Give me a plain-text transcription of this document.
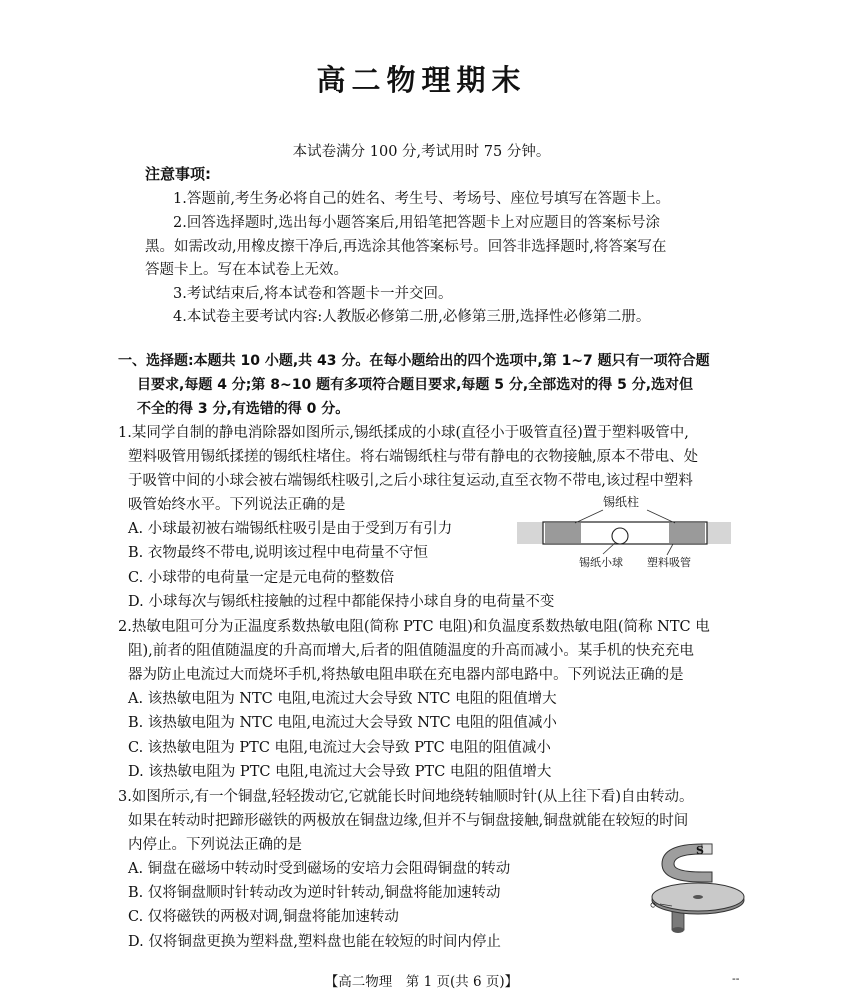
高二物理期末
本试卷满分 100 分,考试用时 75 分钟。
注意事项:
1.答题前,考生务必将自己的姓名、考生号、考场号、座位号填写在答题卡上。
2.回答选择题时,选出每小题答案后,用铅笔把答题卡上对应题目的答案标号涂
黑。如需改动,用橡皮擦干净后,再选涂其他答案标号。回答非选择题时,将答案写在
答题卡上。写在本试卷上无效。
3.考试结束后,将本试卷和答题卡一并交回。
4.本试卷主要考试内容:人教版必修第二册,必修第三册,选择性必修第二册。
一、选择题:本题共 10 小题,共 43 分。在每小题给出的四个选项中,第 1~7 题只有一项符合题
目要求,每题 4 分;第 8~10 题有多项符合题目要求,每题 5 分,全部选对的得 5 分,选对但
不全的得 3 分,有选错的得 0 分。
1.某同学自制的静电消除器如图所示,锡纸揉成的小球(直径小于吸管直径)置于塑料吸管中,
塑料吸管用锡纸揉搓的锡纸柱堵住。将右端锡纸柱与带有静电的衣物接触,原本不带电、处
于吸管中间的小球会被右端锡纸柱吸引,之后小球往复运动,直至衣物不带电,该过程中塑料
吸管始终水平。下列说法正确的是
A. 小球最初被右端锡纸柱吸引是由于受到万有引力
B. 衣物最终不带电,说明该过程中电荷量不守恒
C. 小球带的电荷量一定是元电荷的整数倍
D. 小球每次与锡纸柱接触的过程中都能保持小球自身的电荷量不变
锡纸柱
锡纸小球 塑料吸管
2.热敏电阻可分为正温度系数热敏电阻(简称 PTC 电阻)和负温度系数热敏电阻(简称 NTC 电
阻),前者的阻值随温度的升高而增大,后者的阻值随温度的升高而减小。某手机的快充充电
器为防止电流过大而烧坏手机,将热敏电阻串联在充电器内部电路中。下列说法正确的是
A. 该热敏电阻为 NTC 电阻,电流过大会导致 NTC 电阻的阻值增大
B. 该热敏电阻为 NTC 电阻,电流过大会导致 NTC 电阻的阻值减小
C. 该热敏电阻为 PTC 电阻,电流过大会导致 PTC 电阻的阻值减小
D. 该热敏电阻为 PTC 电阻,电流过大会导致 PTC 电阻的阻值增大
3.如图所示,有一个铜盘,轻轻拨动它,它就能长时间地绕转轴顺时针(从上往下看)自由转动。
如果在转动时把蹄形磁铁的两极放在铜盘边缘,但并不与铜盘接触,铜盘就能在较短的时间
内停止。下列说法正确的是
A. 铜盘在磁场中转动时受到磁场的安培力会阻碍铜盘的转动
B. 仅将铜盘顺时针转动改为逆时针转动,铜盘将能加速转动
C. 仅将磁铁的两极对调,铜盘将能加速转动
D. 仅将铜盘更换为塑料盘,塑料盘也能在较短的时间内停止
⟳
S
【高二物理　第 1 页(共 6 页)】	--
